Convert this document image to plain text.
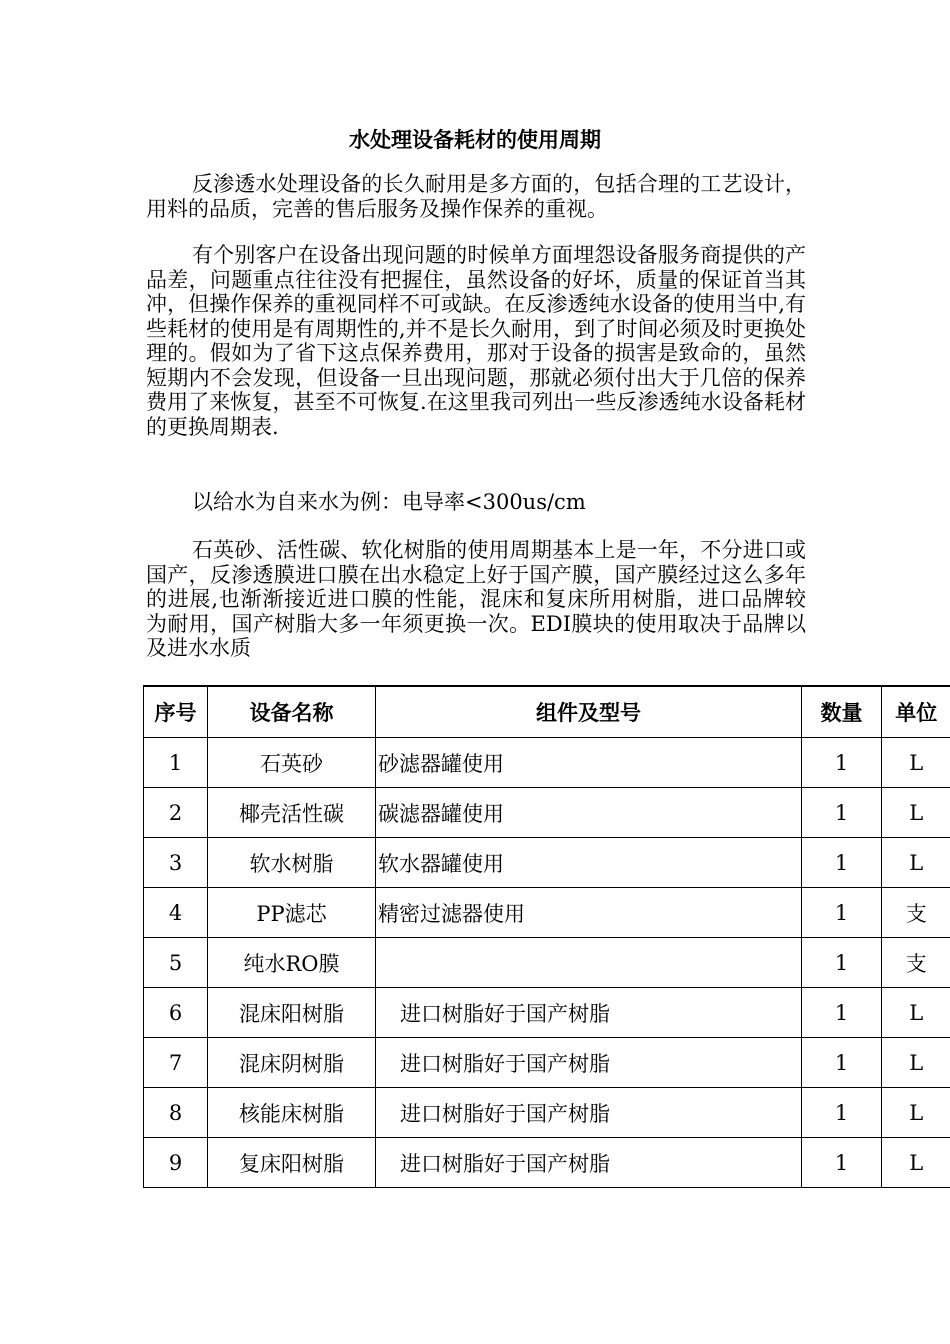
水处理设备耗材的使用周期

反渗透水处理设备的长久耐用是多方面的，包括合理的工艺设计，用料的品质，完善的售后服务及操作保养的重视。

有个别客户在设备出现问题的时候单方面埋怨设备服务商提供的产品差，问题重点往往没有把握住，虽然设备的好坏，质量的保证首当其冲，但操作保养的重视同样不可或缺。在反渗透纯水设备的使用当中,有些耗材的使用是有周期性的,并不是长久耐用，到了时间必须及时更换处理的。假如为了省下这点保养费用，那对于设备的损害是致命的，虽然短期内不会发现，但设备一旦出现问题，那就必须付出大于几倍的保养费用了来恢复，甚至不可恢复.在这里我司列出一些反渗透纯水设备耗材的更换周期表.

以给水为自来水为例：电导率<300us/cm

石英砂、活性碳、软化树脂的使用周期基本上是一年，不分进口或国产，反渗透膜进口膜在出水稳定上好于国产膜，国产膜经过这么多年的进展,也渐渐接近进口膜的性能，混床和复床所用树脂，进口品牌较 为耐用，国产树脂大多一年须更换一次。EDI膜块的使用取决于品牌以及进水水质

序号	设备名称	组件及型号	数量	单位
1	石英砂	砂滤器罐使用	1	L
2	椰壳活性碳	碳滤器罐使用	1	L
3	软水树脂	软水器罐使用	1	L
4	PP滤芯	精密过滤器使用	1	支
5	纯水RO膜		1	支
6	混床阳树脂	进口树脂好于国产树脂	1	L
7	混床阴树脂	进口树脂好于国产树脂	1	L
8	核能床树脂	进口树脂好于国产树脂	1	L
9	复床阳树脂	进口树脂好于国产树脂	1	L
